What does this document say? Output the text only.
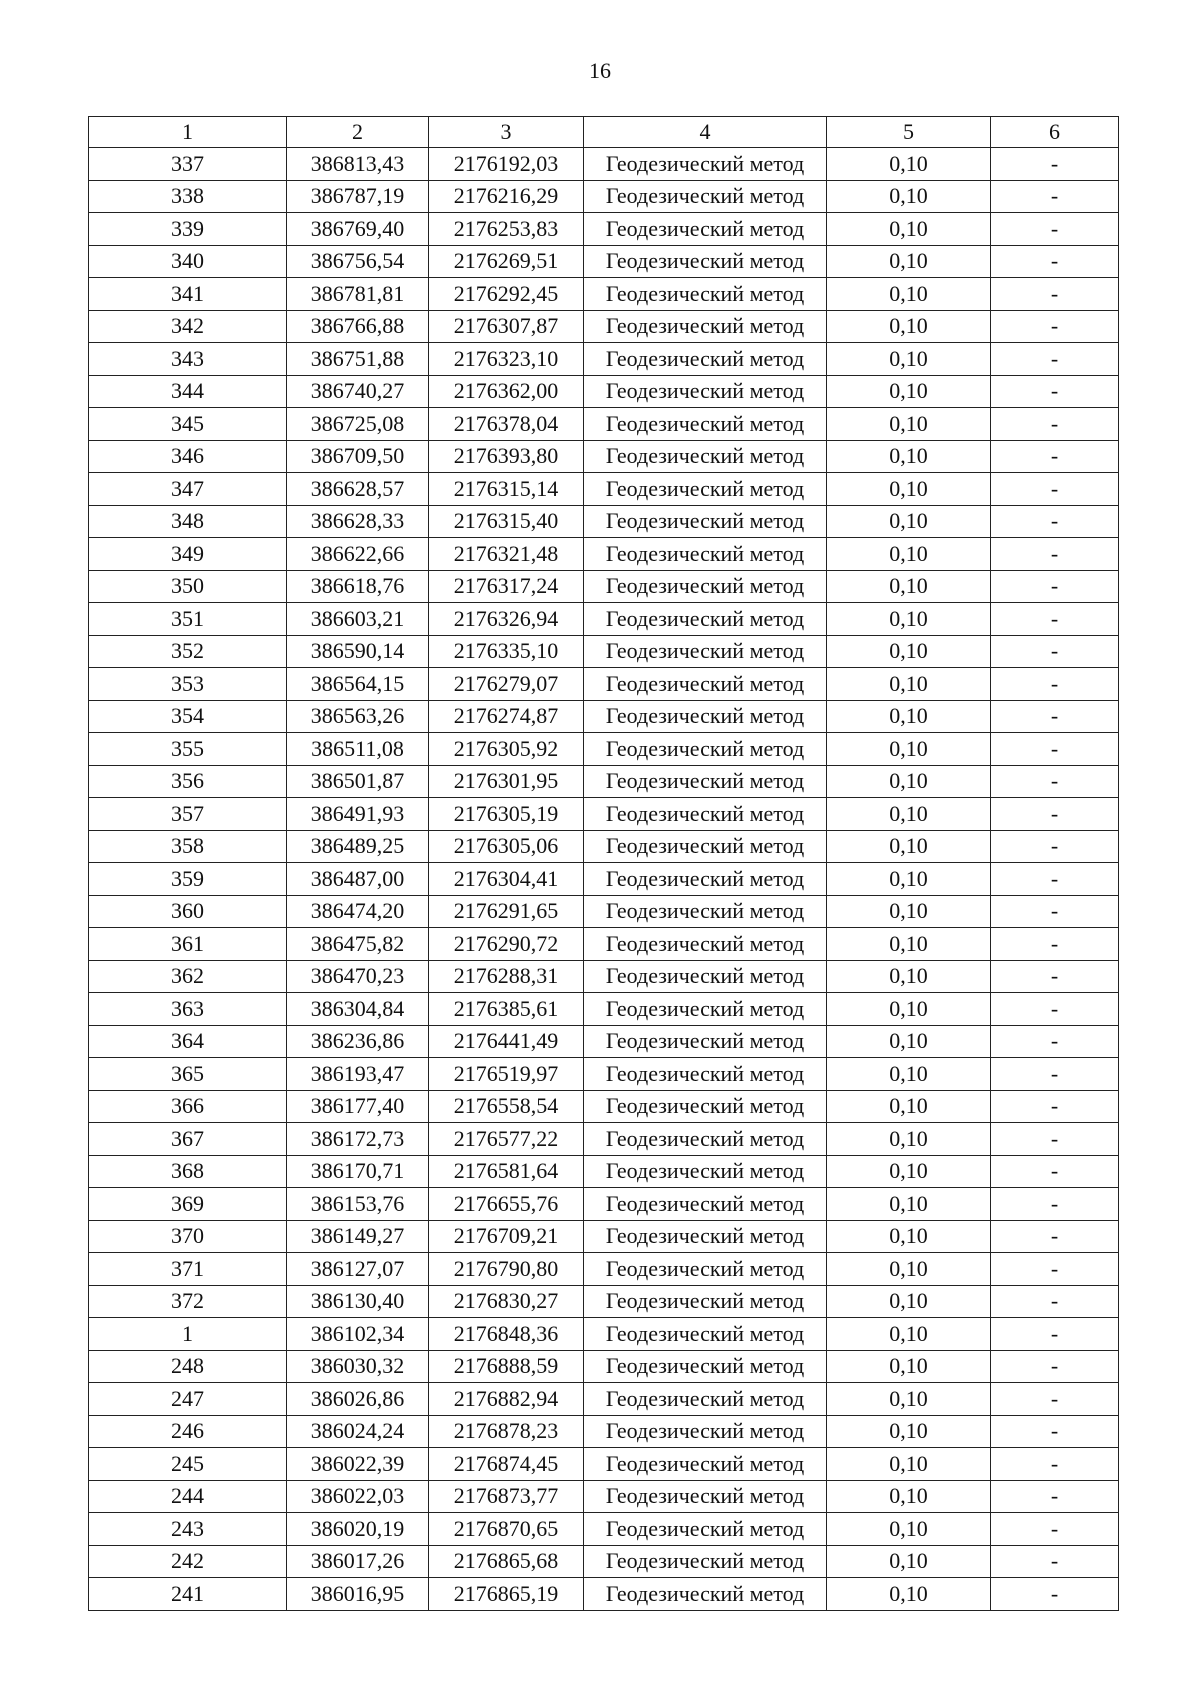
16
1	2	3	4	5	6
337	386813,43	2176192,03	Геодезический метод	0,10	-
338	386787,19	2176216,29	Геодезический метод	0,10	-
339	386769,40	2176253,83	Геодезический метод	0,10	-
340	386756,54	2176269,51	Геодезический метод	0,10	-
341	386781,81	2176292,45	Геодезический метод	0,10	-
342	386766,88	2176307,87	Геодезический метод	0,10	-
343	386751,88	2176323,10	Геодезический метод	0,10	-
344	386740,27	2176362,00	Геодезический метод	0,10	-
345	386725,08	2176378,04	Геодезический метод	0,10	-
346	386709,50	2176393,80	Геодезический метод	0,10	-
347	386628,57	2176315,14	Геодезический метод	0,10	-
348	386628,33	2176315,40	Геодезический метод	0,10	-
349	386622,66	2176321,48	Геодезический метод	0,10	-
350	386618,76	2176317,24	Геодезический метод	0,10	-
351	386603,21	2176326,94	Геодезический метод	0,10	-
352	386590,14	2176335,10	Геодезический метод	0,10	-
353	386564,15	2176279,07	Геодезический метод	0,10	-
354	386563,26	2176274,87	Геодезический метод	0,10	-
355	386511,08	2176305,92	Геодезический метод	0,10	-
356	386501,87	2176301,95	Геодезический метод	0,10	-
357	386491,93	2176305,19	Геодезический метод	0,10	-
358	386489,25	2176305,06	Геодезический метод	0,10	-
359	386487,00	2176304,41	Геодезический метод	0,10	-
360	386474,20	2176291,65	Геодезический метод	0,10	-
361	386475,82	2176290,72	Геодезический метод	0,10	-
362	386470,23	2176288,31	Геодезический метод	0,10	-
363	386304,84	2176385,61	Геодезический метод	0,10	-
364	386236,86	2176441,49	Геодезический метод	0,10	-
365	386193,47	2176519,97	Геодезический метод	0,10	-
366	386177,40	2176558,54	Геодезический метод	0,10	-
367	386172,73	2176577,22	Геодезический метод	0,10	-
368	386170,71	2176581,64	Геодезический метод	0,10	-
369	386153,76	2176655,76	Геодезический метод	0,10	-
370	386149,27	2176709,21	Геодезический метод	0,10	-
371	386127,07	2176790,80	Геодезический метод	0,10	-
372	386130,40	2176830,27	Геодезический метод	0,10	-
1	386102,34	2176848,36	Геодезический метод	0,10	-
248	386030,32	2176888,59	Геодезический метод	0,10	-
247	386026,86	2176882,94	Геодезический метод	0,10	-
246	386024,24	2176878,23	Геодезический метод	0,10	-
245	386022,39	2176874,45	Геодезический метод	0,10	-
244	386022,03	2176873,77	Геодезический метод	0,10	-
243	386020,19	2176870,65	Геодезический метод	0,10	-
242	386017,26	2176865,68	Геодезический метод	0,10	-
241	386016,95	2176865,19	Геодезический метод	0,10	-
